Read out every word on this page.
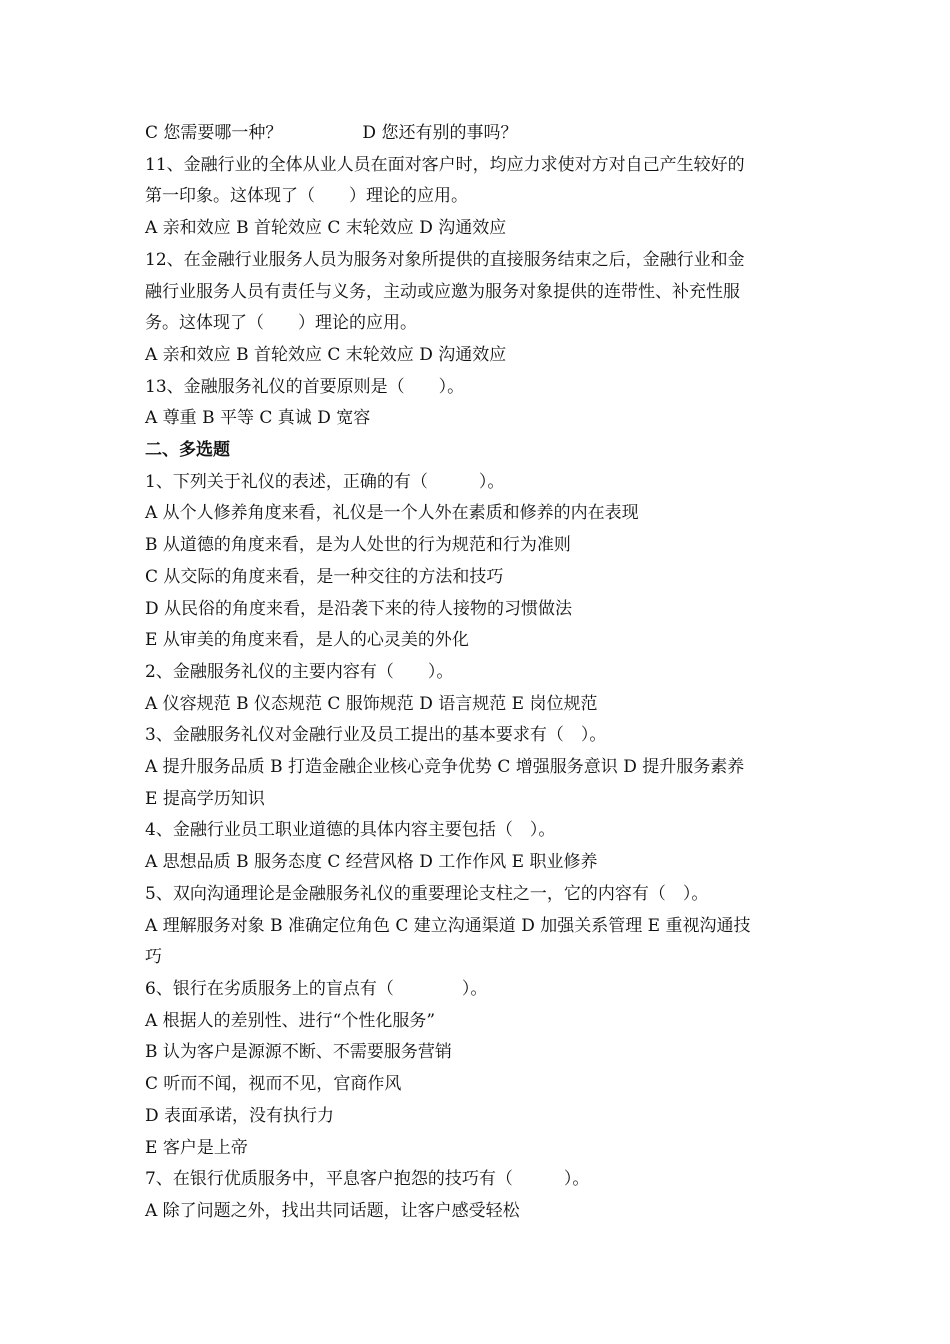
C 您需要哪一种？	D 您还有别的事吗？

11、金融行业的全体从业人员在面对客户时，均应力求使对方对自己产生较好的

第一印象。这体现了（　　）理论的应用。

A 亲和效应 B 首轮效应 C 末轮效应 D 沟通效应

12、在金融行业服务人员为服务对象所提供的直接服务结束之后，金融行业和金

融行业服务人员有责任与义务，主动或应邀为服务对象提供的连带性、补充性服

务。这体现了（　　）理论的应用。

A 亲和效应 B 首轮效应 C 末轮效应 D 沟通效应

13、金融服务礼仪的首要原则是（　　）。

A 尊重 B 平等 C 真诚 D 宽容

二、多选题

1、下列关于礼仪的表述，正确的有（　　　）。

A 从个人修养角度来看，礼仪是一个人外在素质和修养的内在表现

B 从道德的角度来看，是为人处世的行为规范和行为准则

C 从交际的角度来看，是一种交往的方法和技巧

D 从民俗的角度来看，是沿袭下来的待人接物的习惯做法

E 从审美的角度来看，是人的心灵美的外化

2、金融服务礼仪的主要内容有（　　）。

A 仪容规范 B 仪态规范 C 服饰规范 D 语言规范 E 岗位规范

3、金融服务礼仪对金融行业及员工提出的基本要求有（　）。

A 提升服务品质 B 打造金融企业核心竞争优势 C 增强服务意识 D 提升服务素养

E 提高学历知识

4、金融行业员工职业道德的具体内容主要包括（　）。

A 思想品质 B 服务态度 C 经营风格 D 工作作风 E 职业修养

5、双向沟通理论是金融服务礼仪的重要理论支柱之一，它的内容有（　）。

A 理解服务对象 B 准确定位角色 C 建立沟通渠道 D 加强关系管理 E 重视沟通技

巧

6、银行在劣质服务上的盲点有（　　　　）。

A 根据人的差别性、进行“个性化服务”

B 认为客户是源源不断、不需要服务营销

C 听而不闻，视而不见，官商作风

D 表面承诺，没有执行力

E 客户是上帝

7、在银行优质服务中，平息客户抱怨的技巧有（　　　）。

A 除了问题之外，找出共同话题，让客户感受轻松
